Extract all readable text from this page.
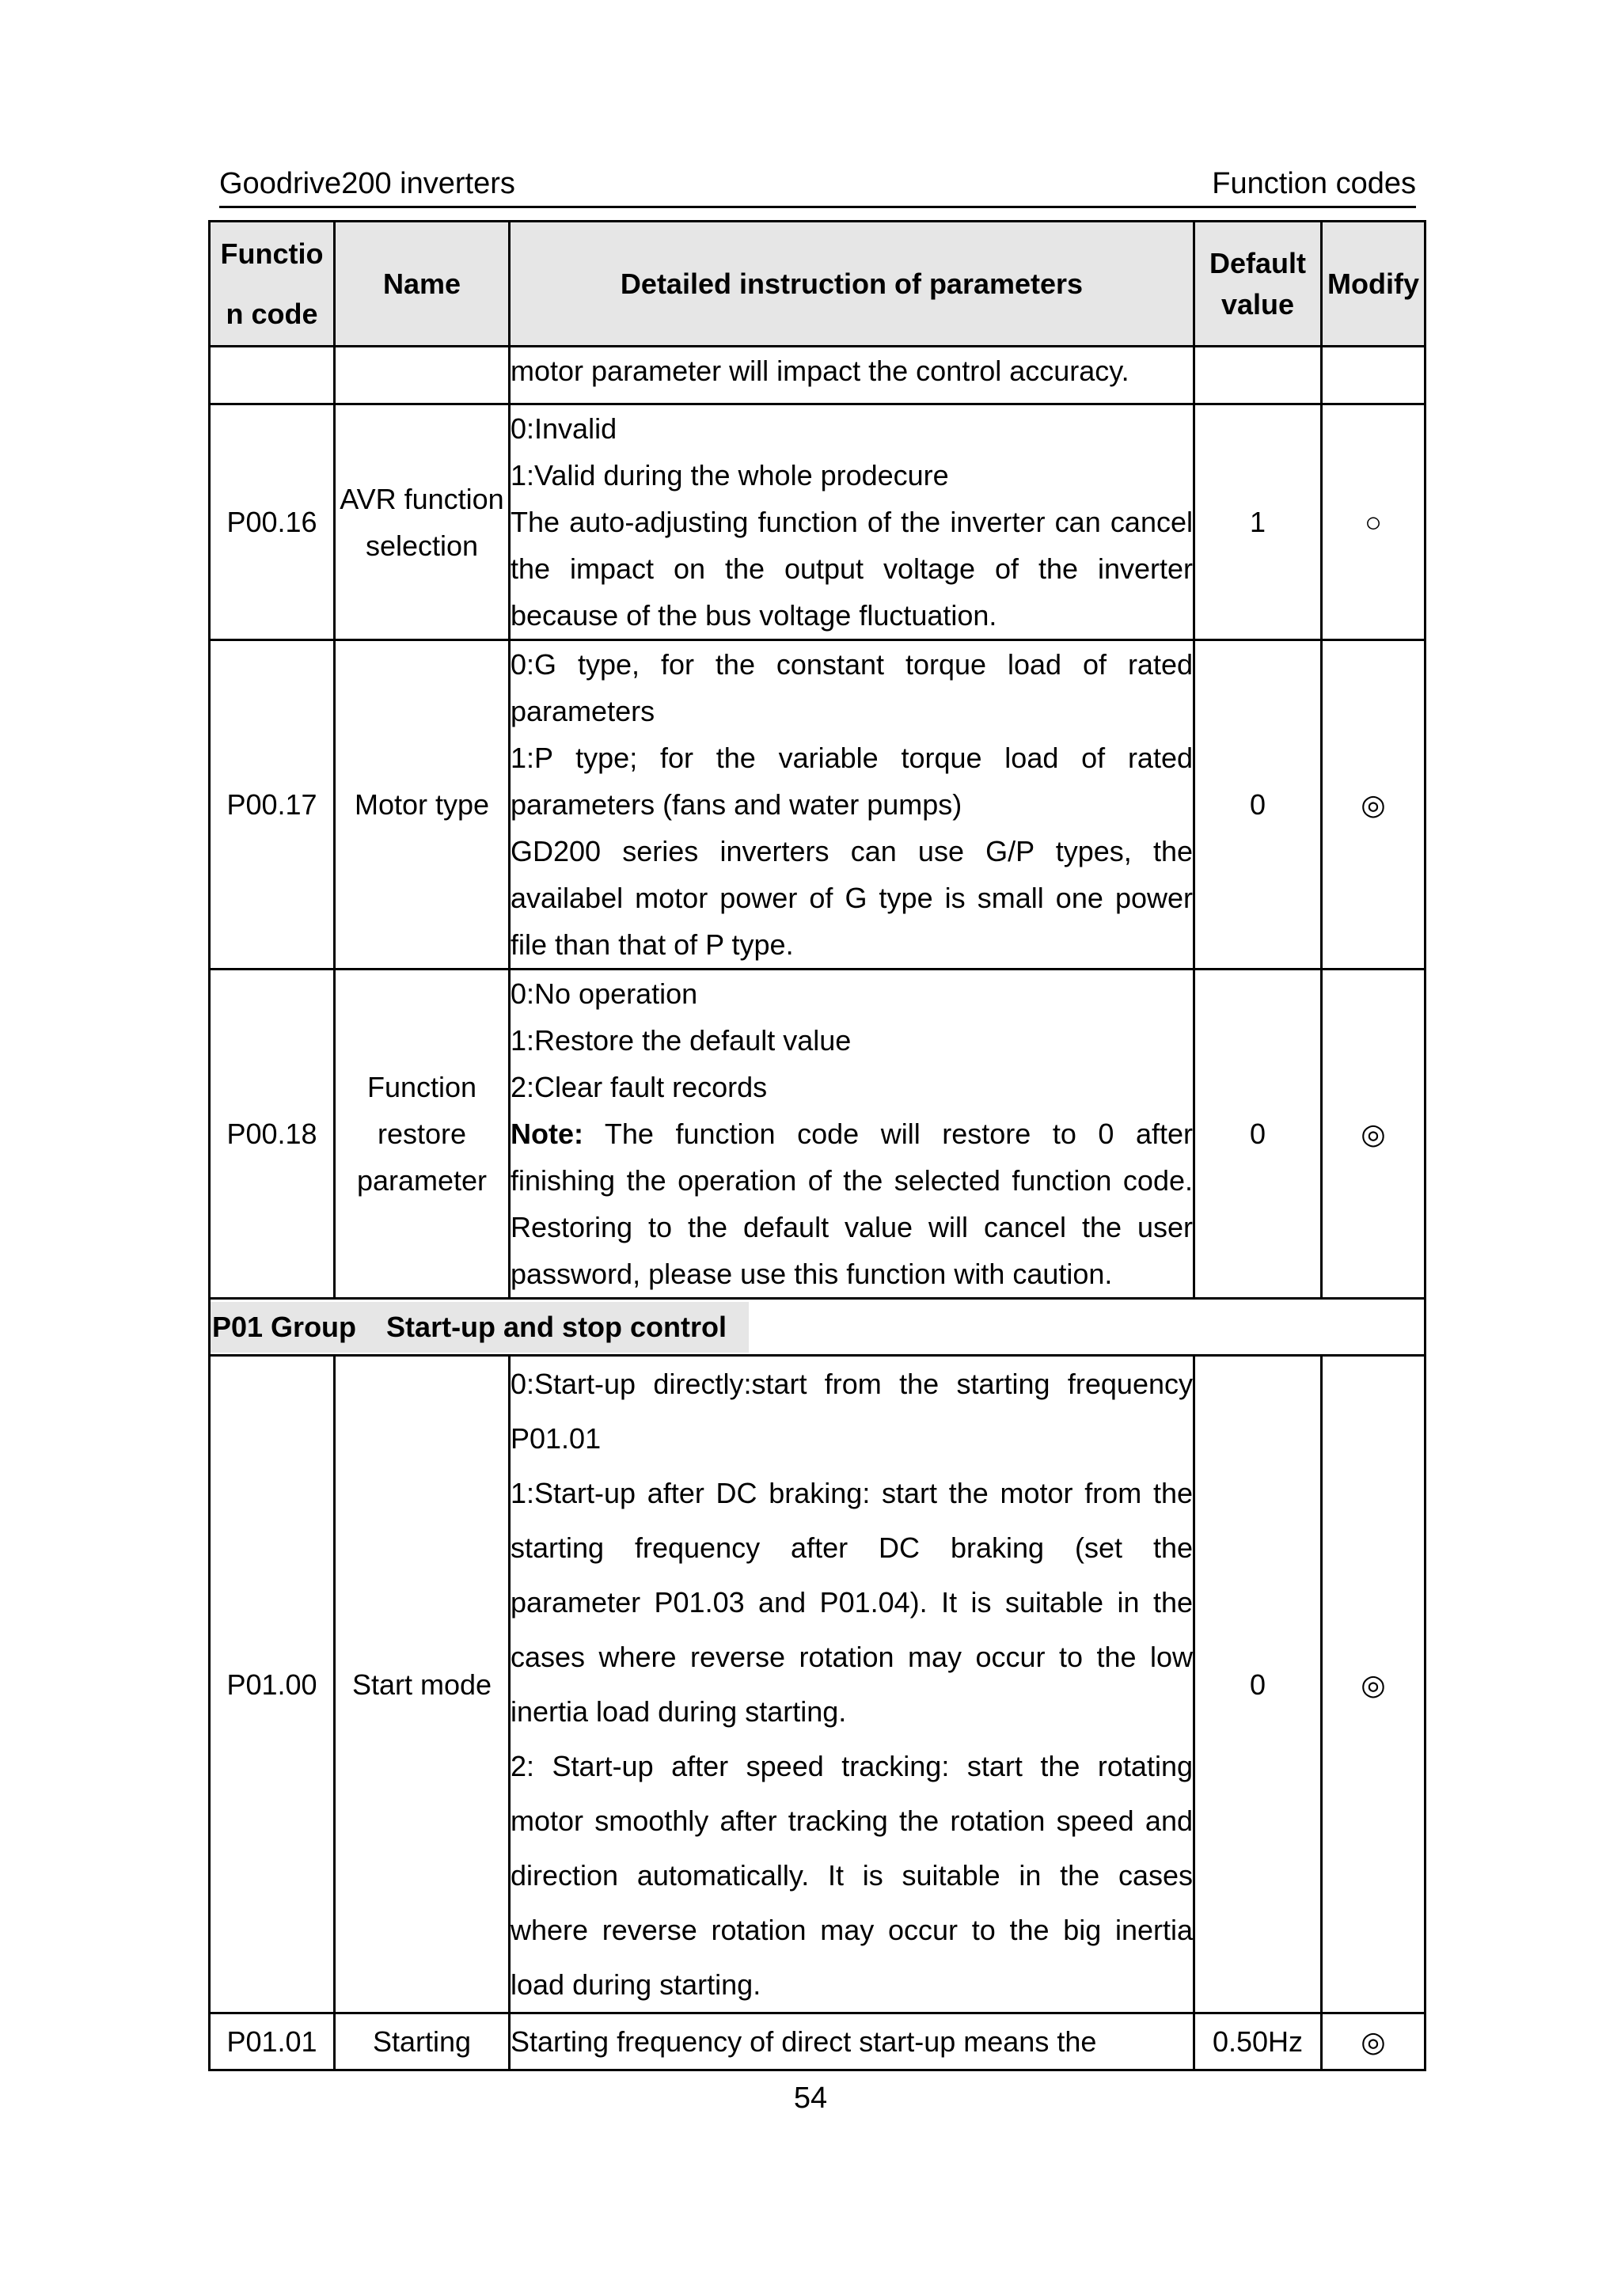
Goodrive200 inverters	Function codes
Functio n code	Name	Detailed instruction of parameters	Default value	Modify
		motor parameter will impact the control accuracy.		
P00.16	AVR function selection	0:Invalid

1:Valid during the whole prodecure

The auto-adjusting function of the inverter can cancel the impact on the output voltage of the inverter because of the bus voltage fluctuation.	1	○
P00.17	Motor type	0:G type, for the constant torque load of rated parameters

1:P type; for the variable torque load of rated parameters (fans and water pumps)

GD200 series inverters can use G/P types, the availabel motor power of G type is small one power file than that of P type.	0	◎
P00.18	Function restore parameter	0:No operation

1:Restore the default value

2:Clear fault records

Note: The function code will restore to 0 after finishing the operation of the selected function code. Restoring to the default value will cancel the user password, please use this function with caution.	0	◎
P01 Group Start-up and stop control				
P01.00	Start mode	0:Start-up directly:start from the starting frequency P01.01

1:Start-up after DC braking: start the motor from the starting frequency after DC braking (set the parameter P01.03 and P01.04). It is suitable in the cases where reverse rotation may occur to the low inertia load during starting.

2: Start-up after speed tracking: start the rotating motor smoothly after tracking the rotation speed and direction automatically. It is suitable in the cases where reverse rotation may occur to the big inertia load during starting.	0	◎
P01.01	Starting	Starting frequency of direct start-up means the	0.50Hz	◎
54
